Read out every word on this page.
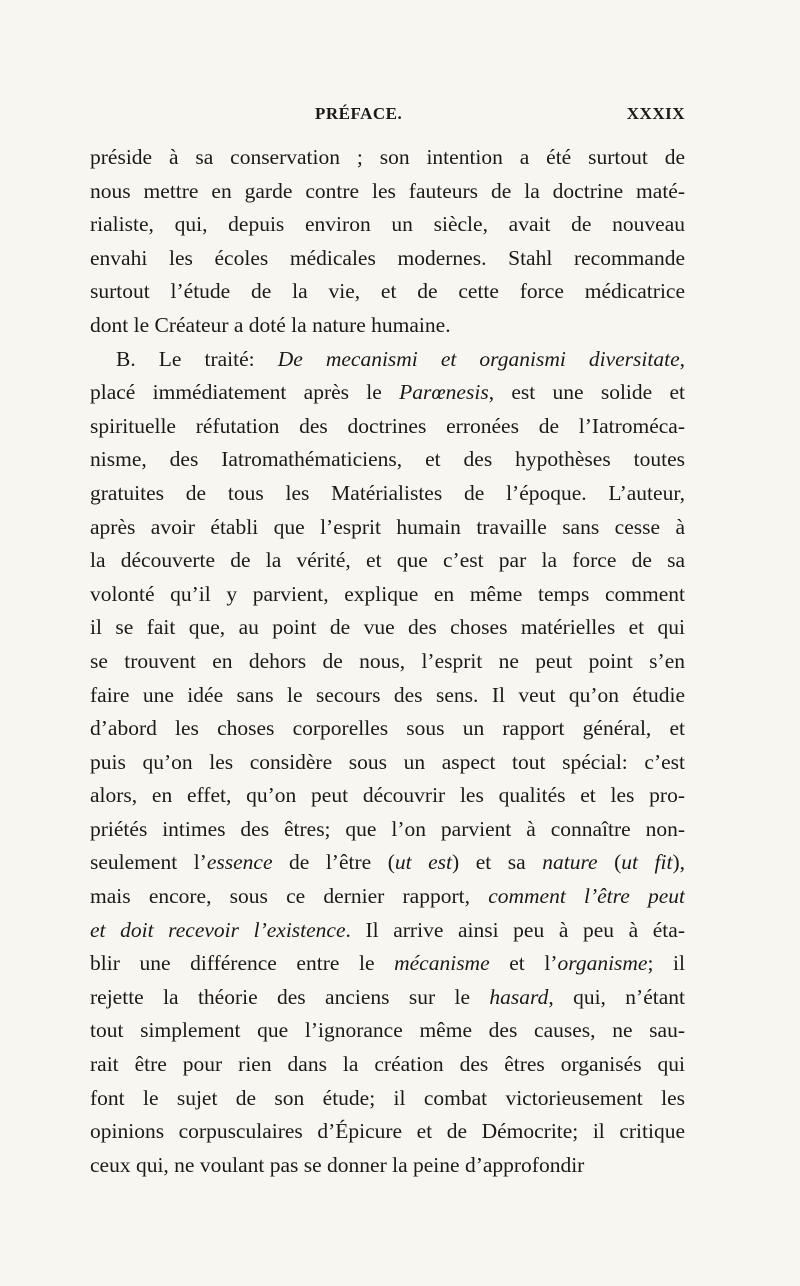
PRÉFACE.	XXXIX
préside à sa conservation ; son intention a été surtout de
nous mettre en garde contre les fauteurs de la doctrine maté-
rialiste, qui, depuis environ un siècle, avait de nouveau
envahi les écoles médicales modernes. Stahl recommande
surtout l’étude de la vie, et de cette force médicatrice
dont le Créateur a doté la nature humaine.
B. Le traité: De mecanismi et organismi diversitate,
placé immédiatement après le Parœnesis, est une solide et
spirituelle réfutation des doctrines erronées de l’Iatroméca-
nisme, des Iatromathématiciens, et des hypothèses toutes
gratuites de tous les Matérialistes de l’époque. L’auteur,
après avoir établi que l’esprit humain travaille sans cesse à
la découverte de la vérité, et que c’est par la force de sa
volonté qu’il y parvient, explique en même temps comment
il se fait que, au point de vue des choses matérielles et qui
se trouvent en dehors de nous, l’esprit ne peut point s’en
faire une idée sans le secours des sens. Il veut qu’on étudie
d’abord les choses corporelles sous un rapport général, et
puis qu’on les considère sous un aspect tout spécial: c’est
alors, en effet, qu’on peut découvrir les qualités et les pro-
priétés intimes des êtres; que l’on parvient à connaître non-
seulement l’essence de l’être (ut est) et sa nature (ut fit),
mais encore, sous ce dernier rapport, comment l’être peut
et doit recevoir l’existence. Il arrive ainsi peu à peu à éta-
blir une différence entre le mécanisme et l’organisme; il
rejette la théorie des anciens sur le hasard, qui, n’étant
tout simplement que l’ignorance même des causes, ne sau-
rait être pour rien dans la création des êtres organisés qui
font le sujet de son étude; il combat victorieusement les
opinions corpusculaires d’Épicure et de Démocrite; il critique
ceux qui, ne voulant pas se donner la peine d’approfondir
